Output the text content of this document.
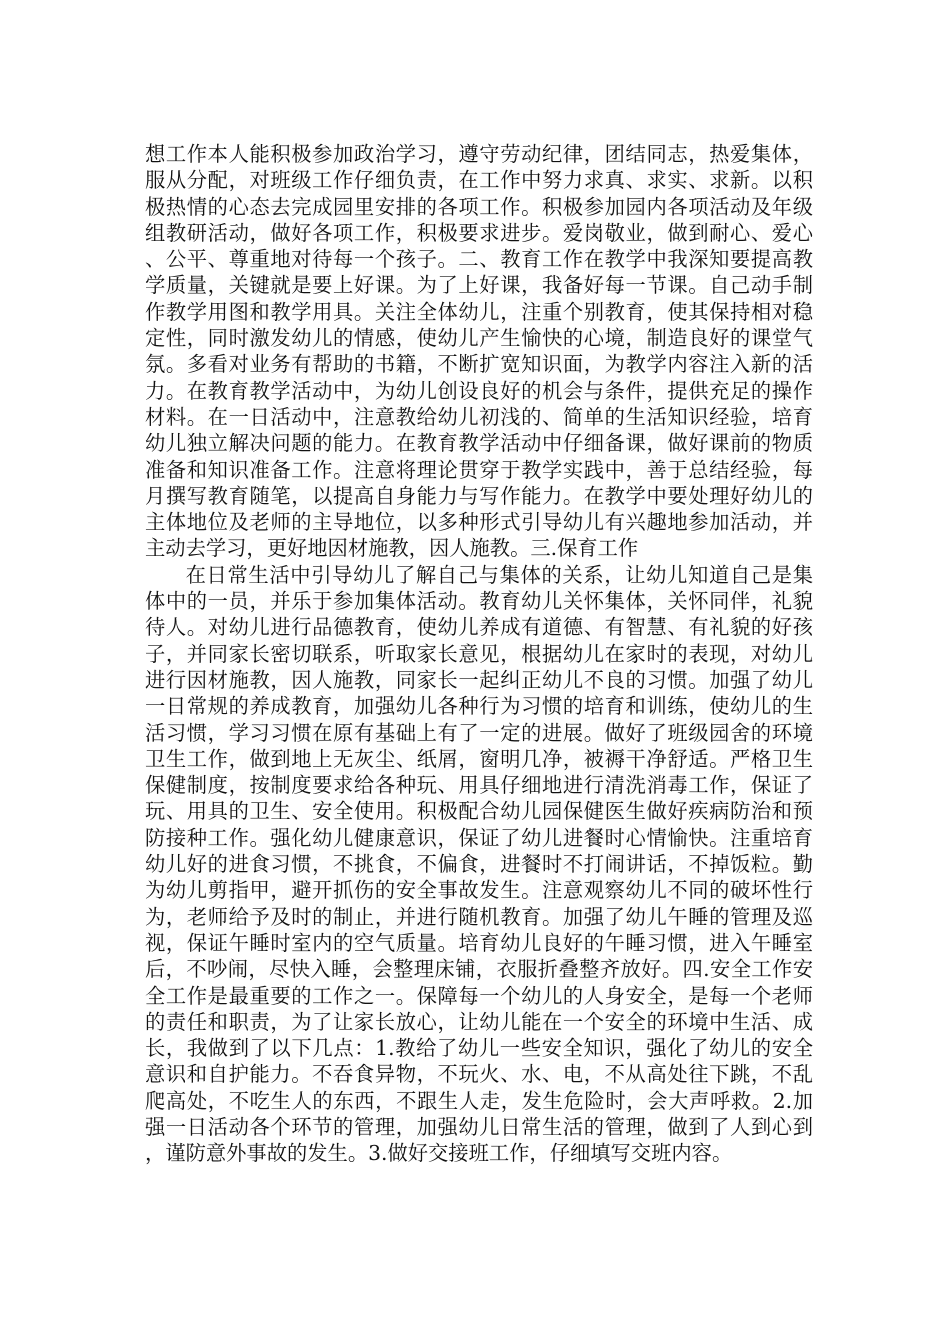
想工作本人能积极参加政治学习，遵守劳动纪律，团结同志，热爱集体，服从分配，对班级工作仔细负责，在工作中努力求真、求实、求新。以积极热情的心态去完成园里安排的各项工作。积极参加园内各项活动及年级组教研活动，做好各项工作，积极要求进步。爱岗敬业，做到耐心、爱心、公平、尊重地对待每一个孩子。二、教育工作在教学中我深知要提高教学质量，关键就是要上好课。为了上好课，我备好每一节课。自己动手制作教学用图和教学用具。关注全体幼儿，注重个别教育，使其保持相对稳定性，同时激发幼儿的情感，使幼儿产生愉快的心境，制造良好的课堂气氛。多看对业务有帮助的书籍，不断扩宽知识面，为教学内容注入新的活力。在教育教学活动中，为幼儿创设良好的机会与条件，提供充足的操作材料。在一日活动中，注意教给幼儿初浅的、简单的生活知识经验，培育幼儿独立解决问题的能力。在教育教学活动中仔细备课，做好课前的物质准备和知识准备工作。注意将理论贯穿于教学实践中，善于总结经验，每月撰写教育随笔，以提高自身能力与写作能力。在教学中要处理好幼儿的主体地位及老师的主导地位，以多种形式引导幼儿有兴趣地参加活动，并主动去学习，更好地因材施教，因人施教。三.保育工作

在日常生活中引导幼儿了解自己与集体的关系，让幼儿知道自己是集体中的一员，并乐于参加集体活动。教育幼儿关怀集体，关怀同伴，礼貌待人。对幼儿进行品德教育，使幼儿养成有道德、有智慧、有礼貌的好孩子，并同家长密切联系，听取家长意见，根据幼儿在家时的表现，对幼儿进行因材施教，因人施教，同家长一起纠正幼儿不良的习惯。加强了幼儿一日常规的养成教育，加强幼儿各种行为习惯的培育和训练，使幼儿的生活习惯，学习习惯在原有基础上有了一定的进展。做好了班级园舍的环境卫生工作，做到地上无灰尘、纸屑，窗明几净，被褥干净舒适。严格卫生保健制度，按制度要求给各种玩、用具仔细地进行清洗消毒工作，保证了玩、用具的卫生、安全使用。积极配合幼儿园保健医生做好疾病防治和预防接种工作。强化幼儿健康意识，保证了幼儿进餐时心情愉快。注重培育幼儿好的进食习惯，不挑食，不偏食，进餐时不打闹讲话，不掉饭粒。勤为幼儿剪指甲，避开抓伤的安全事故发生。注意观察幼儿不同的破坏性行为，老师给予及时的制止，并进行随机教育。加强了幼儿午睡的管理及巡视，保证午睡时室内的空气质量。培育幼儿良好的午睡习惯，进入午睡室后，不吵闹，尽快入睡，会整理床铺，衣服折叠整齐放好。四.安全工作安全工作是最重要的工作之一。保障每一个幼儿的人身安全，是每一个老师的责任和职责，为了让家长放心，让幼儿能在一个安全的环境中生活、成长，我做到了以下几点：1.教给了幼儿一些安全知识，强化了幼儿的安全意识和自护能力。不吞食异物，不玩火、水、电，不从高处往下跳，不乱爬高处，不吃生人的东西，不跟生人走，发生危险时，会大声呼救。2.加强一日活动各个环节的管理，加强幼儿日常生活的管理，做到了人到心到，谨防意外事故的发生。3.做好交接班工作，仔细填写交班内容。
